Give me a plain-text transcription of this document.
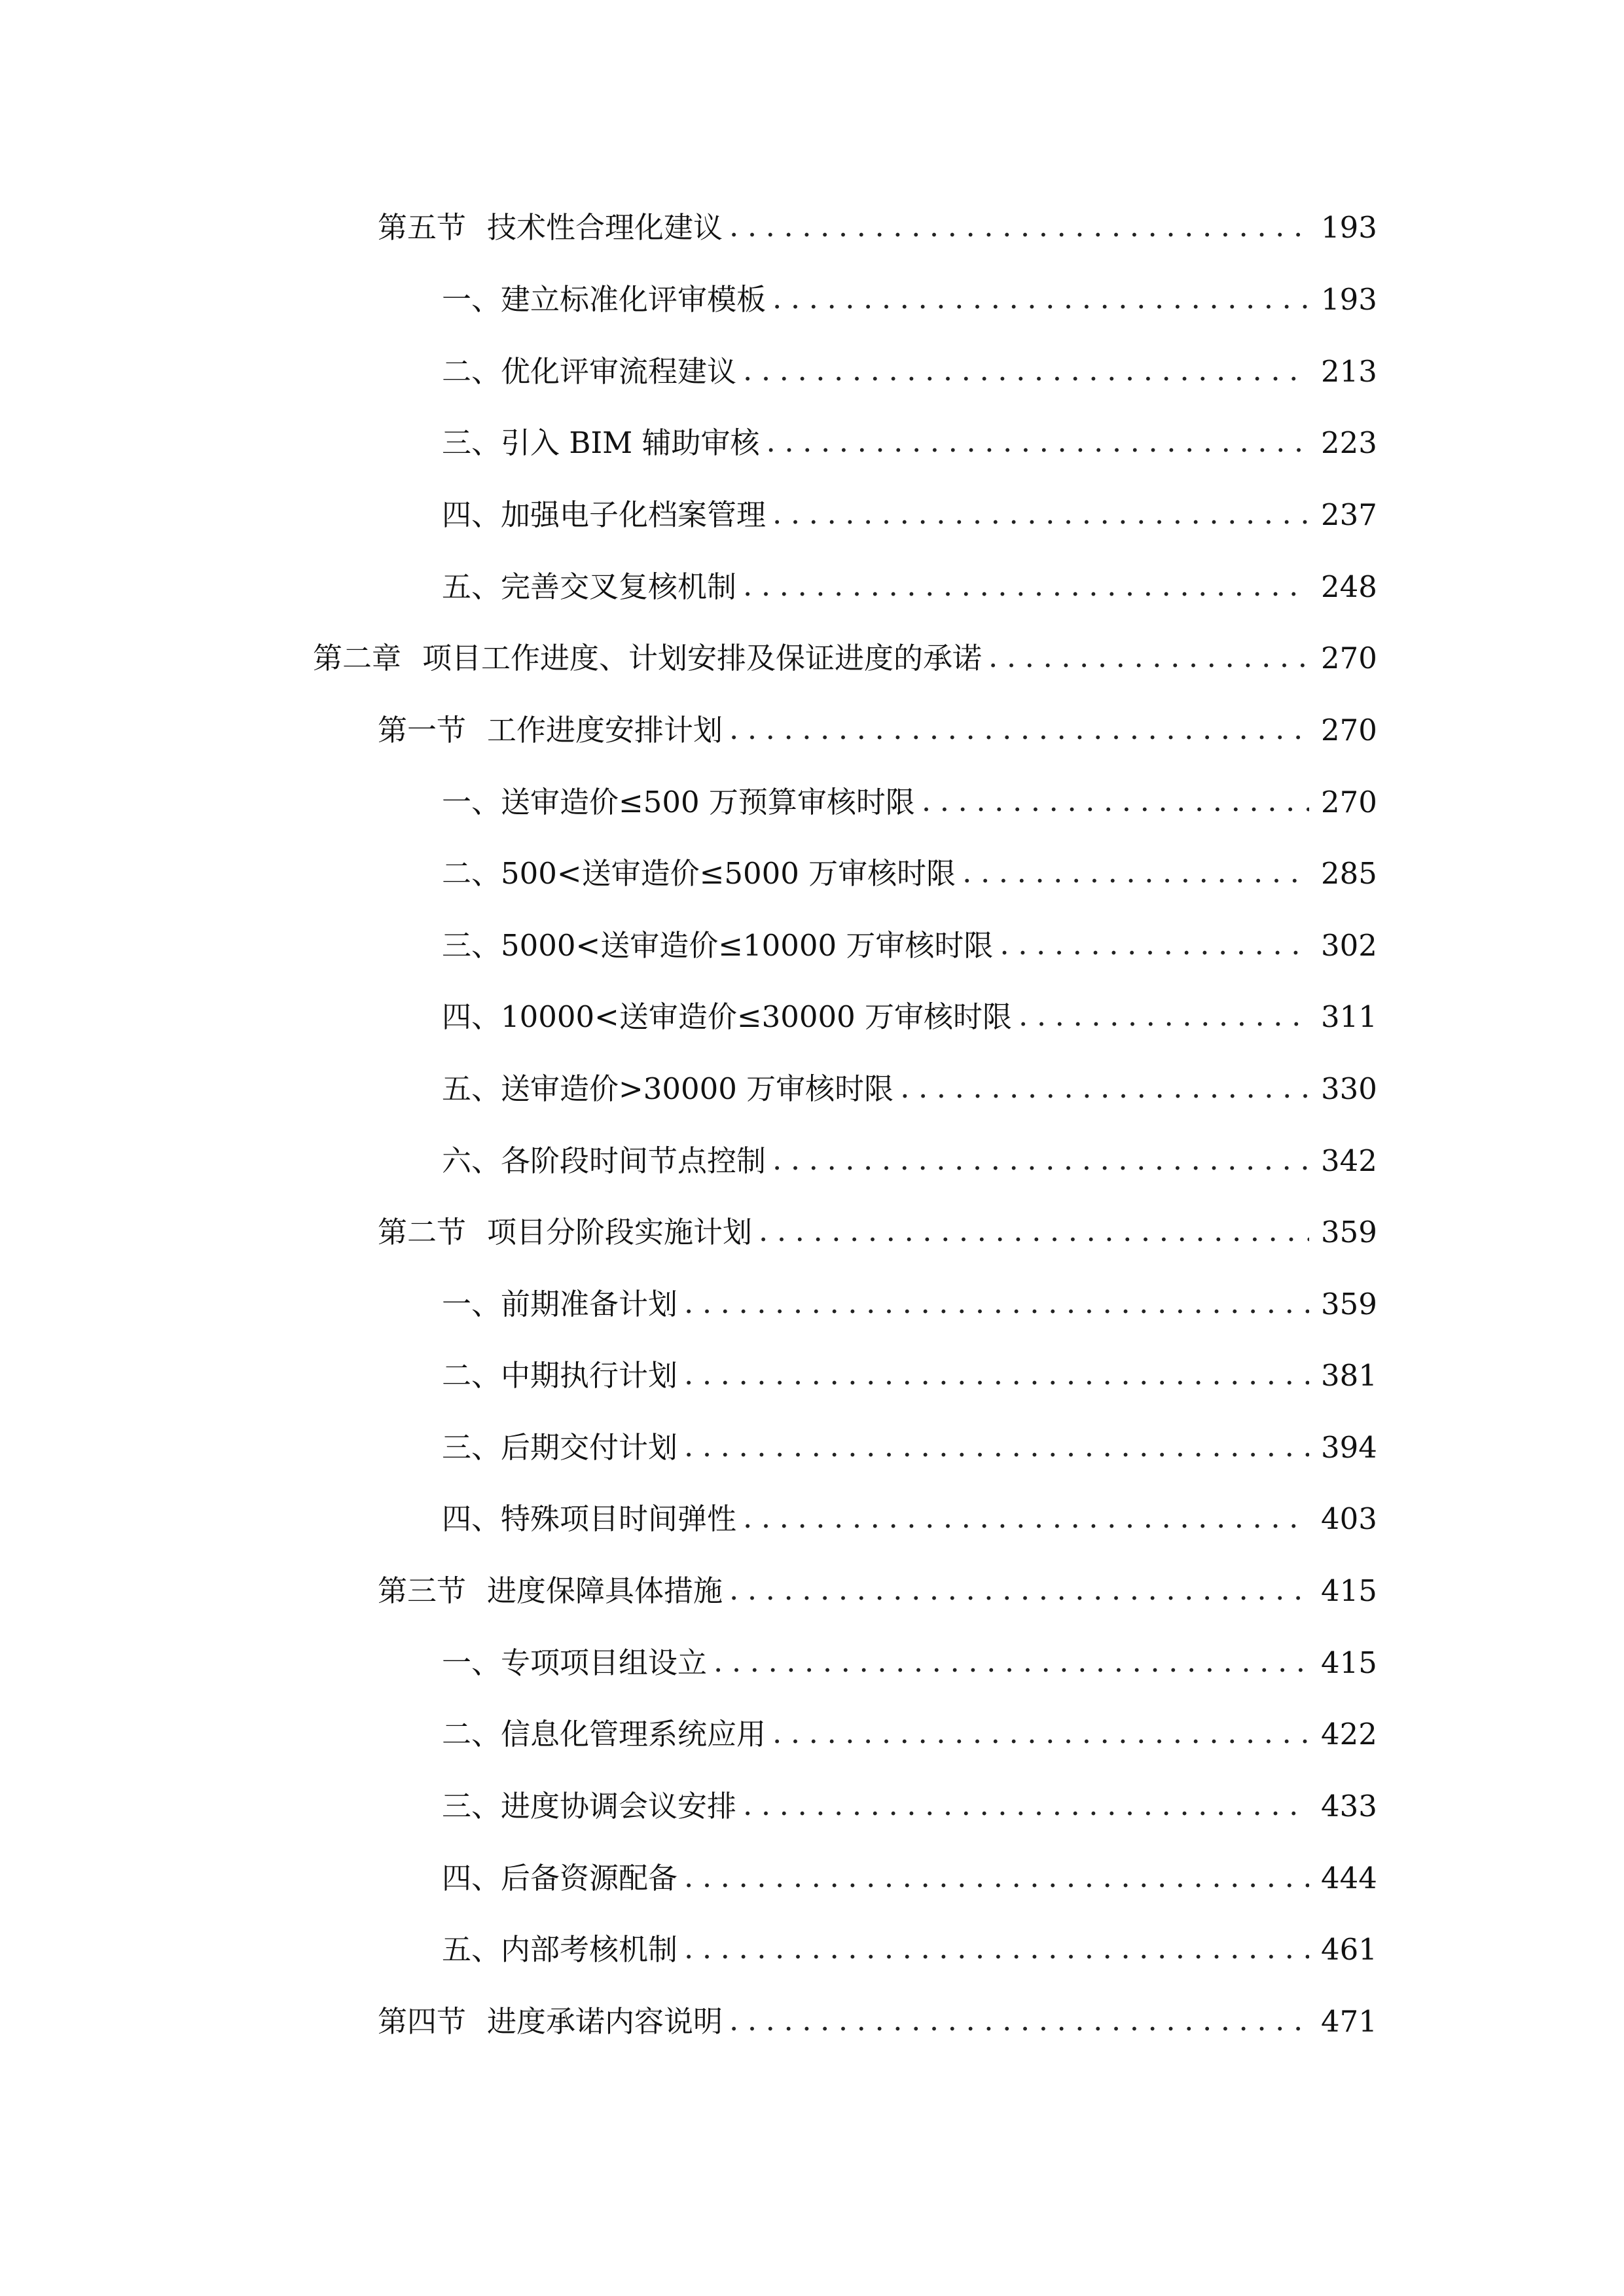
第五节 技术性合理化建议 .....	193
一、 建立标准化评审模板 .....	193
二、 优化评审流程建议 .....	213
三、 引入 BIM 辅助审核 .....	223
四、 加强电子化档案管理 .....	237
五、 完善交叉复核机制 .....	248
第二章 项目工作进度、计划安排及保证进度的承诺 .....	270
第一节 工作进度安排计划 .....	270
一、 送审造价≤500 万预算审核时限 .....	270
二、 500<送审造价≤5000 万审核时限 .....	285
三、 5000<送审造价≤10000 万审核时限 .....	302
四、 10000<送审造价≤30000 万审核时限 .....	311
五、 送审造价>30000 万审核时限 .....	330
六、 各阶段时间节点控制 .....	342
第二节 项目分阶段实施计划 .....	359
一、 前期准备计划 .....	359
二、 中期执行计划 .....	381
三、 后期交付计划 .....	394
四、 特殊项目时间弹性 .....	403
第三节 进度保障具体措施 .....	415
一、 专项项目组设立 .....	415
二、 信息化管理系统应用 .....	422
三、 进度协调会议安排 .....	433
四、 后备资源配备 .....	444
五、 内部考核机制 .....	461
第四节 进度承诺内容说明 .....	471
